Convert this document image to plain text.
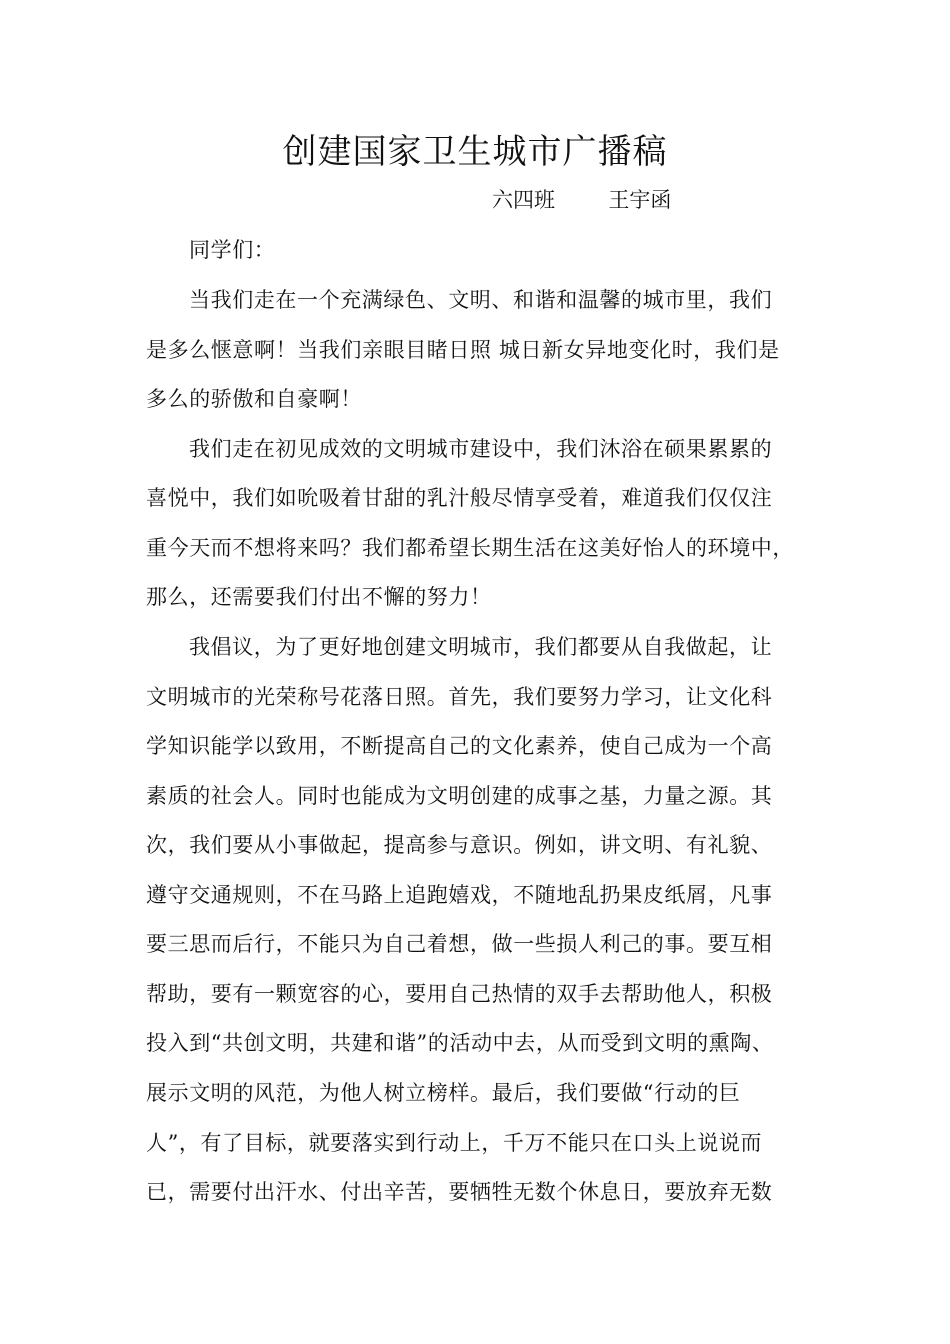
创建国家卫生城市广播稿
六四班	王宇函
同学们：
当我们走在一个充满绿色、文明、和谐和温馨的城市里，我们
是多么惬意啊！当我们亲眼目睹日照 城日新女异地变化时，我们是
多么的骄傲和自豪啊！
我们走在初见成效的文明城市建设中，我们沐浴在硕果累累的
喜悦中，我们如吮吸着甘甜的乳汁般尽情享受着，难道我们仅仅注
重今天而不想将来吗？我们都希望长期生活在这美好怡人的环境中，
那么，还需要我们付出不懈的努力！
我倡议，为了更好地创建文明城市，我们都要从自我做起，让
文明城市的光荣称号花落日照。首先，我们要努力学习，让文化科
学知识能学以致用，不断提高自己的文化素养，使自己成为一个高
素质的社会人。同时也能成为文明创建的成事之基，力量之源。其
次，我们要从小事做起，提高参与意识。例如，讲文明、有礼貌、
遵守交通规则，不在马路上追跑嬉戏，不随地乱扔果皮纸屑，凡事
要三思而后行，不能只为自己着想，做一些损人利己的事。要互相
帮助，要有一颗宽容的心，要用自己热情的双手去帮助他人，积极
投入到“共创文明，共建和谐”的活动中去，从而受到文明的熏陶、
展示文明的风范，为他人树立榜样。最后，我们要做“行动的巨
人”，有了目标，就要落实到行动上，千万不能只在口头上说说而
已，需要付出汗水、付出辛苦，要牺牲无数个休息日，要放弃无数
